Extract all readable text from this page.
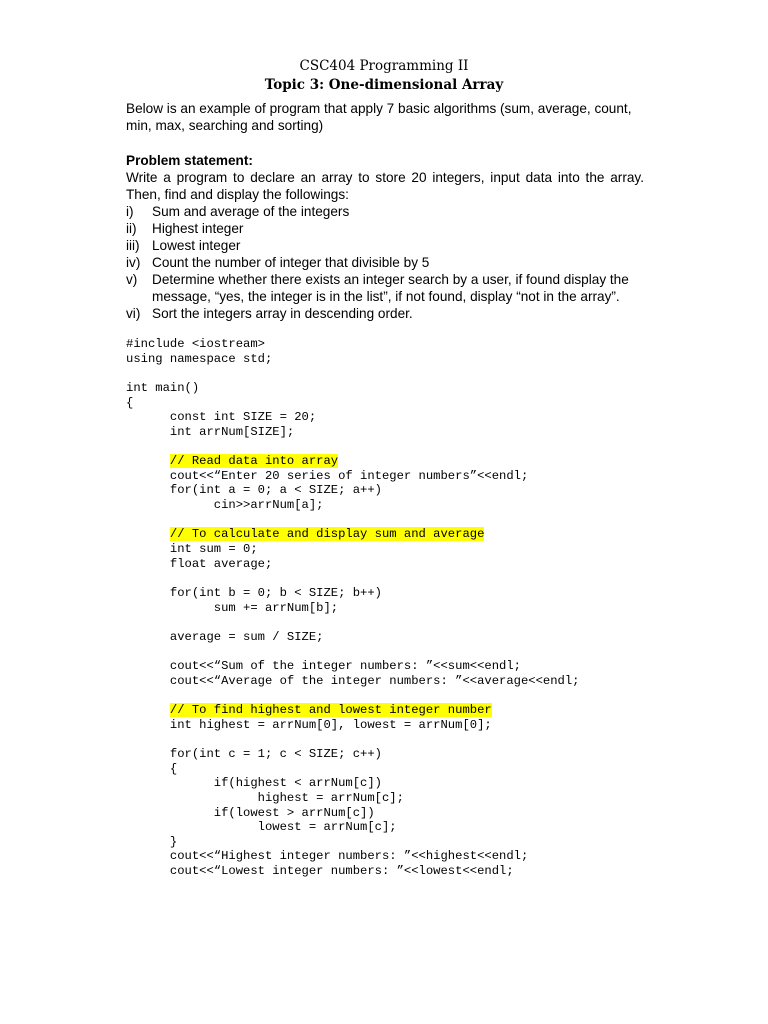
CSC404 Programming II
Topic 3: One-dimensional Array
Below is an example of program that apply 7 basic algorithms (sum, average, count, min, max, searching and sorting)
Problem statement:
Write a program to declare an array to store 20 integers, input data into the array. Then, find and display the followings:
i) Sum and average of the integers
ii) Highest integer
iii) Lowest integer
iv) Count the number of integer that divisible by 5
v) Determine whether there exists an integer search by a user, if found display the message, “yes, the integer is in the list”, if not found, display “not in the array”.
vi) Sort the integers array in descending order.
#include <iostream>
using namespace std;
int main()
{
const int SIZE = 20;
int arrNum[SIZE];
// Read data into array
cout<<“Enter 20 series of integer numbers”<<endl;
for(int a = 0; a < SIZE; a++)
cin>>arrNum[a];
// To calculate and display sum and average
int sum = 0;
float average;
for(int b = 0; b < SIZE; b++)
sum += arrNum[b];
average = sum / SIZE;
cout<<“Sum of the integer numbers: ”<<sum<<endl;
cout<<“Average of the integer numbers: ”<<average<<endl;
// To find highest and lowest integer number
int highest = arrNum[0], lowest = arrNum[0];
for(int c = 1; c < SIZE; c++)
{
if(highest < arrNum[c])
highest = arrNum[c];
if(lowest > arrNum[c])
lowest = arrNum[c];
}
cout<<“Highest integer numbers: ”<<highest<<endl;
cout<<“Lowest integer numbers: ”<<lowest<<endl;
